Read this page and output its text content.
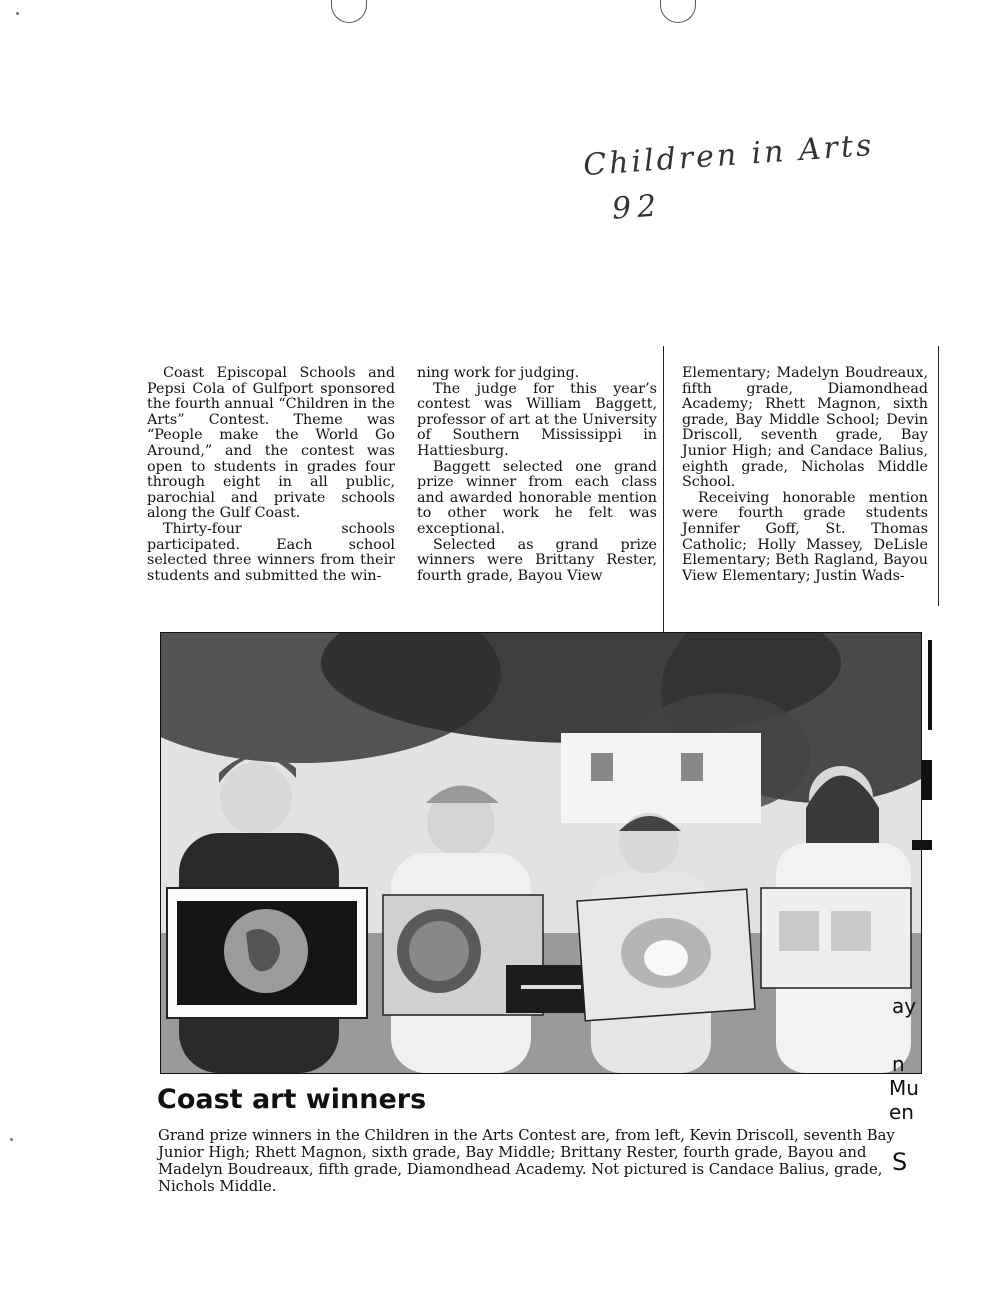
Children in Arts
92

Coast Episcopal Schools and Pepsi Cola of Gulfport sponsored the fourth annual “Children in the Arts” Contest. Theme was “People make the World Go Around,” and the contest was open to students in grades four through eight in all public, parochial and private schools along the Gulf Coast.

Thirty-four schools participated. Each school selected three winners from their students and submitted the win-

ning work for judging.

The judge for this year’s contest was William Baggett, professor of art at the University of Southern Mississippi in Hattiesburg.

Baggett selected one grand prize winner from each class and awarded honorable mention to other work he felt was exceptional.

Selected as grand prize winners were Brittany Rester, fourth grade, Bayou View

Elementary; Madelyn Boudreaux, fifth grade, Diamondhead Academy; Rhett Magnon, sixth grade, Bay Middle School; Devin Driscoll, seventh grade, Bay Junior High; and Candace Balius, eighth grade, Nicholas Middle School.

Receiving honorable mention were fourth grade students Jennifer Goff, St. Thomas Catholic; Holly Massey, DeLisle Elementary; Beth Ragland, Bayou View Elementary; Justin Wads-

Coast art winners

Grand prize winners in the Children in the Arts Contest are, from left, Kevin Driscoll, seventh Bay Junior High; Rhett Magnon, sixth grade, Bay Middle; Brittany Rester, fourth grade, Bayou and Madelyn Boudreaux, fifth grade, Diamondhead Academy. Not pictured is Candace Balius, grade, Nichols Middle.

ay
n
Mu
en
S
